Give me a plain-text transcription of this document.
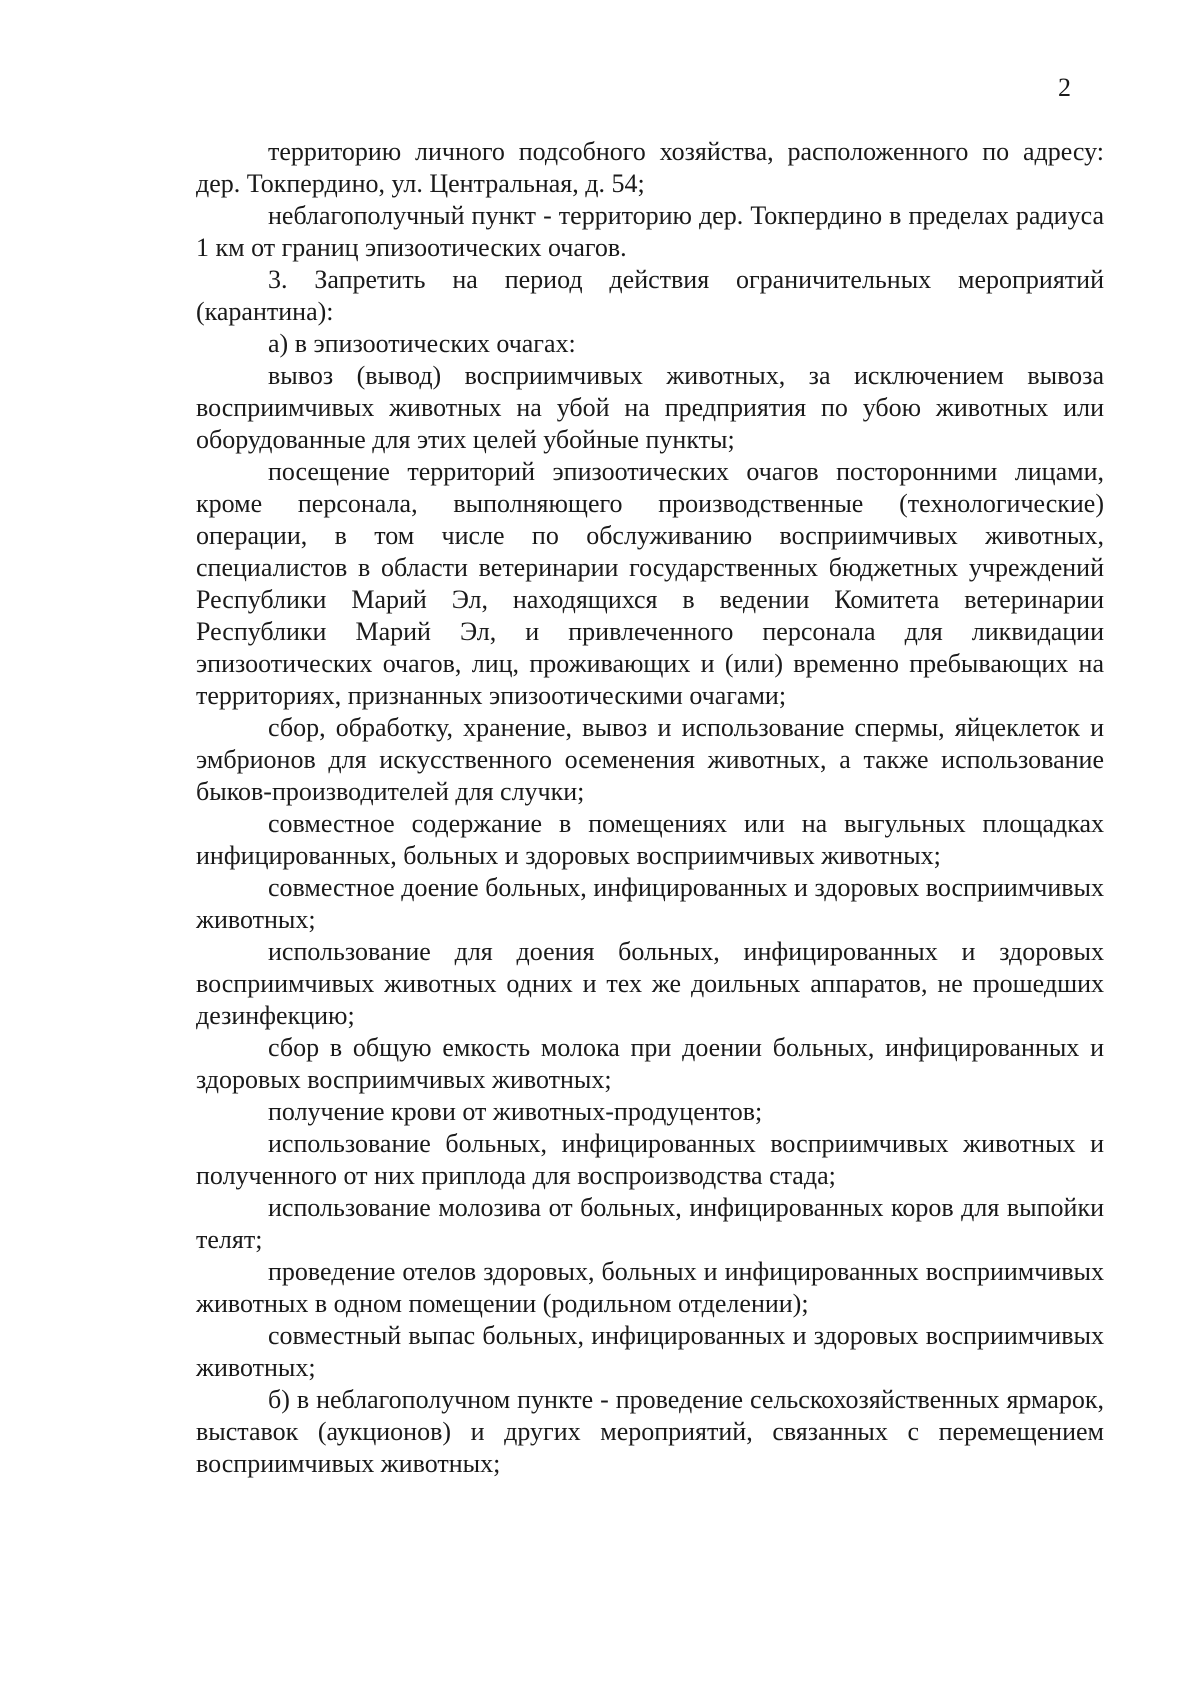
2

территорию личного подсобного хозяйства, расположенного по адресу: дер. Токпердино, ул. Центральная, д. 54;

неблагополучный пункт - территорию дер. Токпердино в пределах радиуса 1 км от границ эпизоотических очагов.

3. Запретить на период действия ограничительных мероприятий (карантина):

а) в эпизоотических очагах:

вывоз (вывод) восприимчивых животных, за исключением вывоза восприимчивых животных на убой на предприятия по убою животных или оборудованные для этих целей убойные пункты;

посещение территорий эпизоотических очагов посторонними лицами, кроме персонала, выполняющего производственные (технологические) операции, в том числе по обслуживанию восприимчивых животных, специалистов в области ветеринарии государственных бюджетных учреждений Республики Марий Эл, находящихся в ведении Комитета ветеринарии Республики Марий Эл, и привлеченного персонала для ликвидации эпизоотических очагов, лиц, проживающих и (или) временно пребывающих на территориях, признанных эпизоотическими очагами;

сбор, обработку, хранение, вывоз и использование спермы, яйцеклеток и эмбрионов для искусственного осеменения животных, а также использование быков-производителей для случки;

совместное содержание в помещениях или на выгульных площадках инфицированных, больных и здоровых восприимчивых животных;

совместное доение больных, инфицированных и здоровых восприимчивых животных;

использование для доения больных, инфицированных и здоровых восприимчивых животных одних и тех же доильных аппаратов, не прошедших дезинфекцию;

сбор в общую емкость молока при доении больных, инфицированных и здоровых восприимчивых животных;

получение крови от животных-продуцентов;

использование больных, инфицированных восприимчивых животных и полученного от них приплода для воспроизводства стада;

использование молозива от больных, инфицированных коров для выпойки телят;

проведение отелов здоровых, больных и инфицированных восприимчивых животных в одном помещении (родильном отделении);

совместный выпас больных, инфицированных и здоровых восприимчивых животных;

б) в неблагополучном пункте - проведение сельскохозяйственных ярмарок, выставок (аукционов) и других мероприятий, связанных с перемещением восприимчивых животных;
